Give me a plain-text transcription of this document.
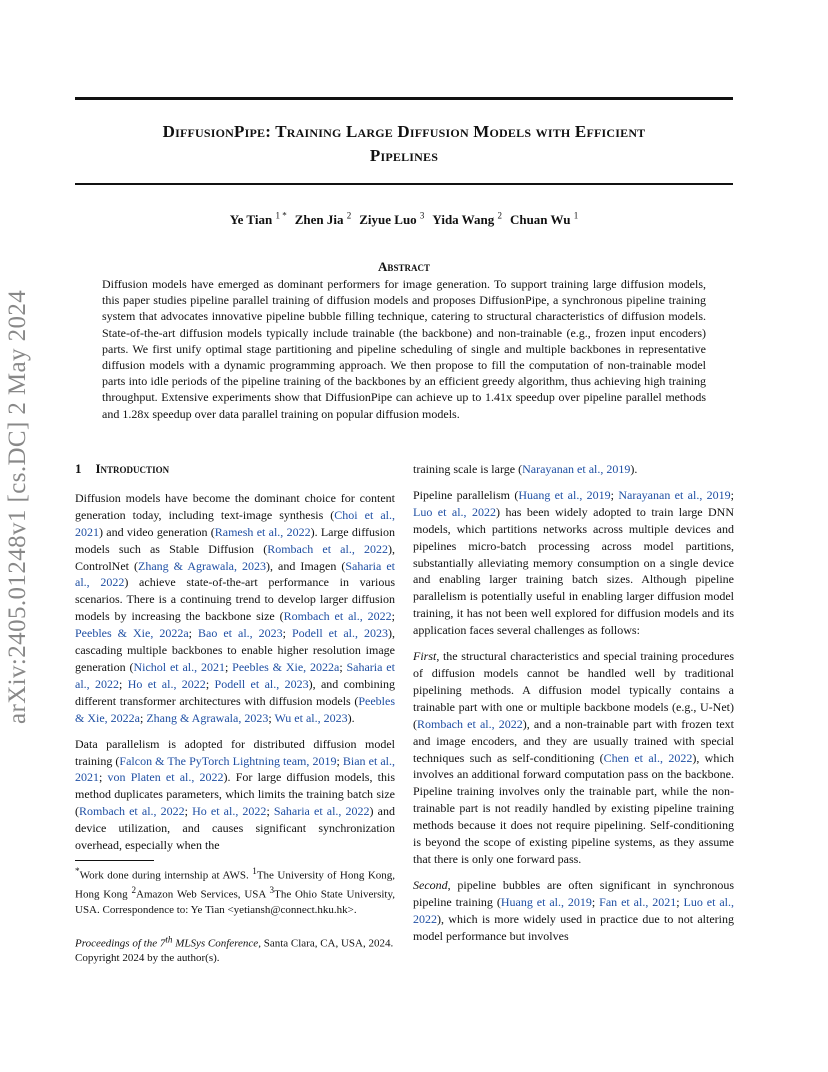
arXiv:2405.01248v1 [cs.DC] 2 May 2024
DiffusionPipe: Training Large Diffusion Models with Efficient
Pipelines
Ye Tian $^{1 *}$ Zhen Jia $^2$ Ziyue Luo $^3$ Yida Wang $^2$ Chuan Wu $^1$
Abstract
Diffusion models have emerged as dominant performers for image generation. To support training large diffusion models, this paper studies pipeline parallel training of diffusion models and proposes DiffusionPipe, a synchronous pipeline training system that advocates innovative pipeline bubble filling technique, catering to structural characteristics of diffusion models. State-of-the-art diffusion models typically include trainable (the backbone) and non-trainable (e.g., frozen input encoders) parts. We first unify optimal stage partitioning and pipeline scheduling of single and multiple backbones in representative diffusion models with a dynamic programming approach. We then propose to fill the computation of non-trainable model parts into idle periods of the pipeline training of the backbones by an efficient greedy algorithm, thus achieving high training throughput. Extensive experiments show that DiffusionPipe can achieve up to 1.41x speedup over pipeline parallel methods and 1.28x speedup over data parallel training on popular diffusion models.
1 Introduction

Diffusion models have become the dominant choice for content generation today, including text-image synthesis (Choi et al., 2021) and video generation (Ramesh et al., 2022). Large diffusion models such as Stable Diffusion (Rombach et al., 2022), ControlNet (Zhang & Agrawala, 2023), and Imagen (Saharia et al., 2022) achieve state-of-the-art performance in various scenarios. There is a continuing trend to develop larger diffusion models by increasing the backbone size (Rombach et al., 2022; Peebles & Xie, 2022a; Bao et al., 2023; Podell et al., 2023), cascading multiple backbones to enable higher resolution image generation (Nichol et al., 2021; Peebles & Xie, 2022a; Saharia et al., 2022; Ho et al., 2022; Podell et al., 2023), and combining different transformer architectures with diffusion models (Peebles & Xie, 2022a; Zhang & Agrawala, 2023; Wu et al., 2023).

Data parallelism is adopted for distributed diffusion model training (Falcon & The PyTorch Lightning team, 2019; Bian et al., 2021; von Platen et al., 2022). For large diffusion models, this method duplicates parameters, which limits the training batch size (Rombach et al., 2022; Ho et al., 2022; Saharia et al., 2022) and device utilization, and causes significant synchronization overhead, especially when the

*Work done during internship at AWS. $^1$The University of Hong Kong, Hong Kong $^2$Amazon Web Services, USA $^3$The Ohio State University, USA. Correspondence to: Ye Tian <yetiansh@connect.hku.hk>.
Proceedings of the 7th MLSys Conference, Santa Clara, CA, USA, 2024. Copyright 2024 by the author(s).

training scale is large (Narayanan et al., 2019).

Pipeline parallelism (Huang et al., 2019; Narayanan et al., 2019; Luo et al., 2022) has been widely adopted to train large DNN models, which partitions networks across multiple devices and pipelines micro-batch processing across model partitions, substantially alleviating memory consumption on a single device and enabling larger training batch sizes. Although pipeline parallelism is potentially useful in enabling larger diffusion model training, it has not been well explored for diffusion models and its application faces several challenges as follows:

First, the structural characteristics and special training procedures of diffusion models cannot be handled well by traditional pipelining methods. A diffusion model typically contains a trainable part with one or multiple backbone models (e.g., U-Net) (Rombach et al., 2022), and a non-trainable part with frozen text and image encoders, and they are usually trained with special techniques such as self-conditioning (Chen et al., 2022), which involves an additional forward computation pass on the backbone. Pipeline training involves only the trainable part, while the non-trainable part is not readily handled by existing pipeline training methods because it does not require pipelining. Self-conditioning is beyond the scope of existing pipeline systems, as they assume that there is only one forward pass.

Second, pipeline bubbles are often significant in synchronous pipeline training (Huang et al., 2019; Fan et al., 2021; Luo et al., 2022), which is more widely used in practice due to not altering model performance but involves
